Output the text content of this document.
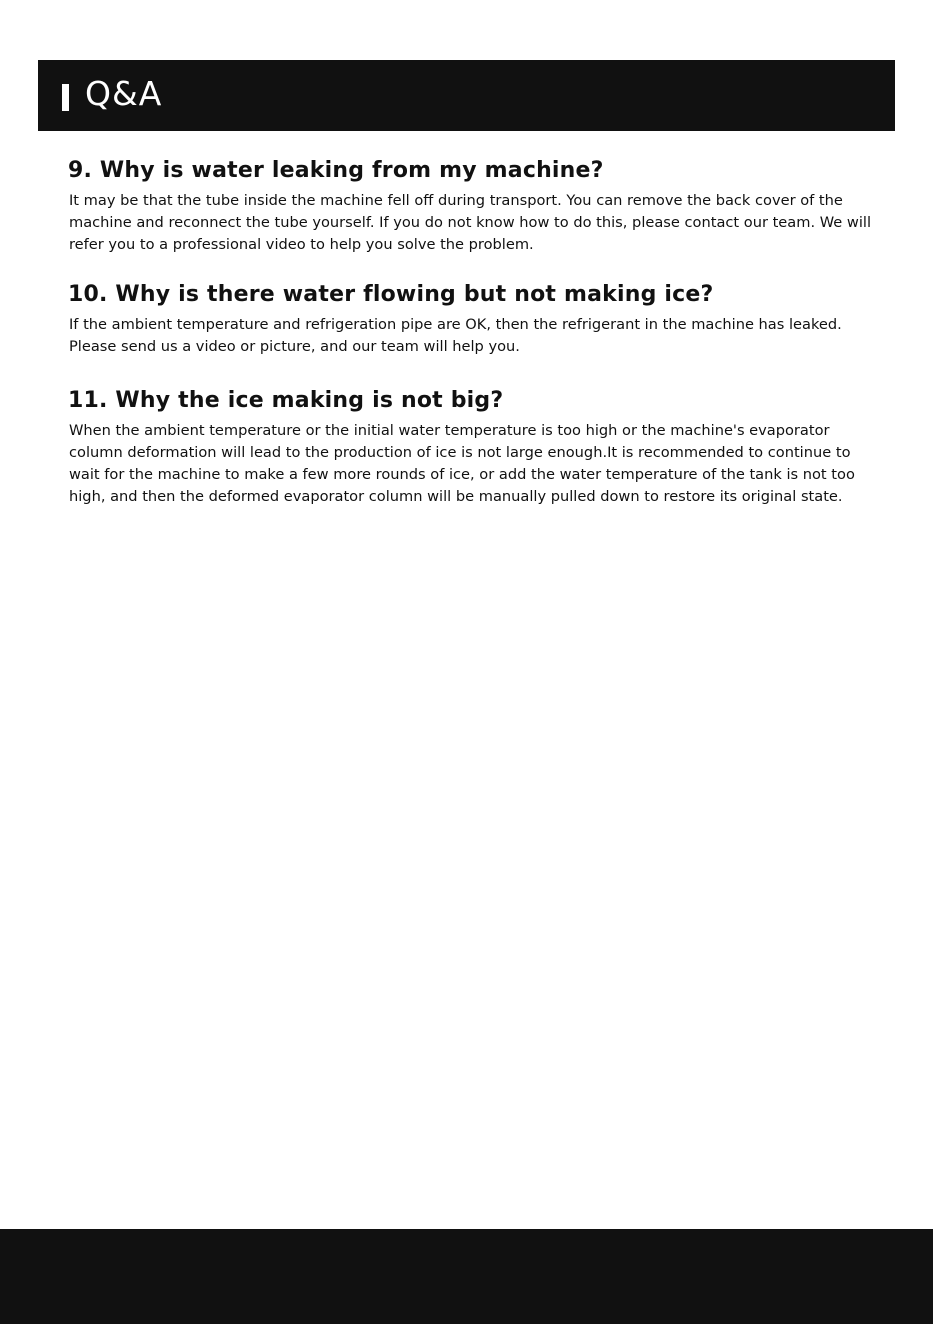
Q&A
9. Why is water leaking from my machine?

It may be that the tube inside the machine fell off during transport. You can remove the back cover of the machine and reconnect the tube yourself. If you do not know how to do this, please contact our team. We will refer you to a professional video to help you solve the problem.

10. Why is there water flowing but not making ice?

If the ambient temperature and refrigeration pipe are OK, then the refrigerant in the machine has leaked. Please send us a video or picture, and our team will help you.

11. Why the ice making is not big?

When the ambient temperature or the initial water temperature is too high or the machine's evaporator column deformation will lead to the production of ice is not large enough.It is recommended to continue to wait for the machine to make a few more rounds of ice, or add the water temperature of the tank is not too high, and then the deformed evaporator column will be manually pulled down to restore its original state.
